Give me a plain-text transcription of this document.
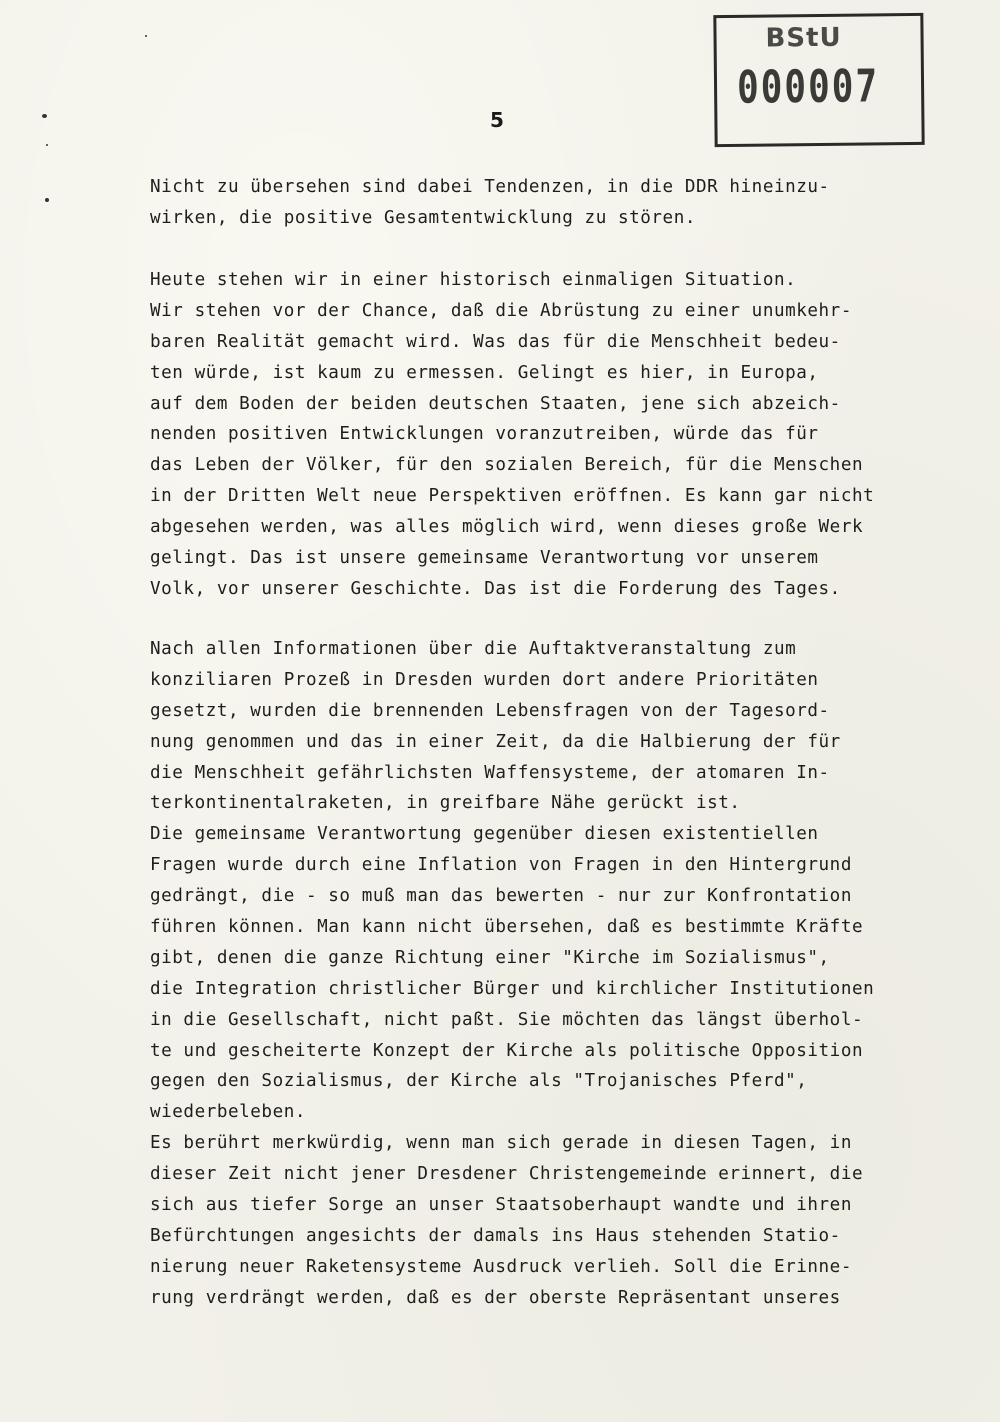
BStU
000007
5
Nicht zu übersehen sind dabei Tendenzen, in die DDR hineinzu-
wirken, die positive Gesamtentwicklung zu stören.
Heute stehen wir in einer historisch einmaligen Situation.
Wir stehen vor der Chance, daß die Abrüstung zu einer unumkehr-
baren Realität gemacht wird. Was das für die Menschheit bedeu-
ten würde, ist kaum zu ermessen. Gelingt es hier, in Europa,
auf dem Boden der beiden deutschen Staaten, jene sich abzeich-
nenden positiven Entwicklungen voranzutreiben, würde das für
das Leben der Völker, für den sozialen Bereich, für die Menschen
in der Dritten Welt neue Perspektiven eröffnen. Es kann gar nicht
abgesehen werden, was alles möglich wird, wenn dieses große Werk
gelingt. Das ist unsere gemeinsame Verantwortung vor unserem
Volk, vor unserer Geschichte. Das ist die Forderung des Tages.
Nach allen Informationen über die Auftaktveranstaltung zum
konziliaren Prozeß in Dresden wurden dort andere Prioritäten
gesetzt, wurden die brennenden Lebensfragen von der Tagesord-
nung genommen und das in einer Zeit, da die Halbierung der für
die Menschheit gefährlichsten Waffensysteme, der atomaren In-
terkontinentalraketen, in greifbare Nähe gerückt ist.
Die gemeinsame Verantwortung gegenüber diesen existentiellen
Fragen wurde durch eine Inflation von Fragen in den Hintergrund
gedrängt, die - so muß man das bewerten - nur zur Konfrontation
führen können. Man kann nicht übersehen, daß es bestimmte Kräfte
gibt, denen die ganze Richtung einer "Kirche im Sozialismus",
die Integration christlicher Bürger und kirchlicher Institutionen
in die Gesellschaft, nicht paßt. Sie möchten das längst überhol-
te und gescheiterte Konzept der Kirche als politische Opposition
gegen den Sozialismus, der Kirche als "Trojanisches Pferd",
wiederbeleben.
Es berührt merkwürdig, wenn man sich gerade in diesen Tagen, in
dieser Zeit nicht jener Dresdener Christengemeinde erinnert, die
sich aus tiefer Sorge an unser Staatsoberhaupt wandte und ihren
Befürchtungen angesichts der damals ins Haus stehenden Statio-
nierung neuer Raketensysteme Ausdruck verlieh. Soll die Erinne-
rung verdrängt werden, daß es der oberste Repräsentant unseres
